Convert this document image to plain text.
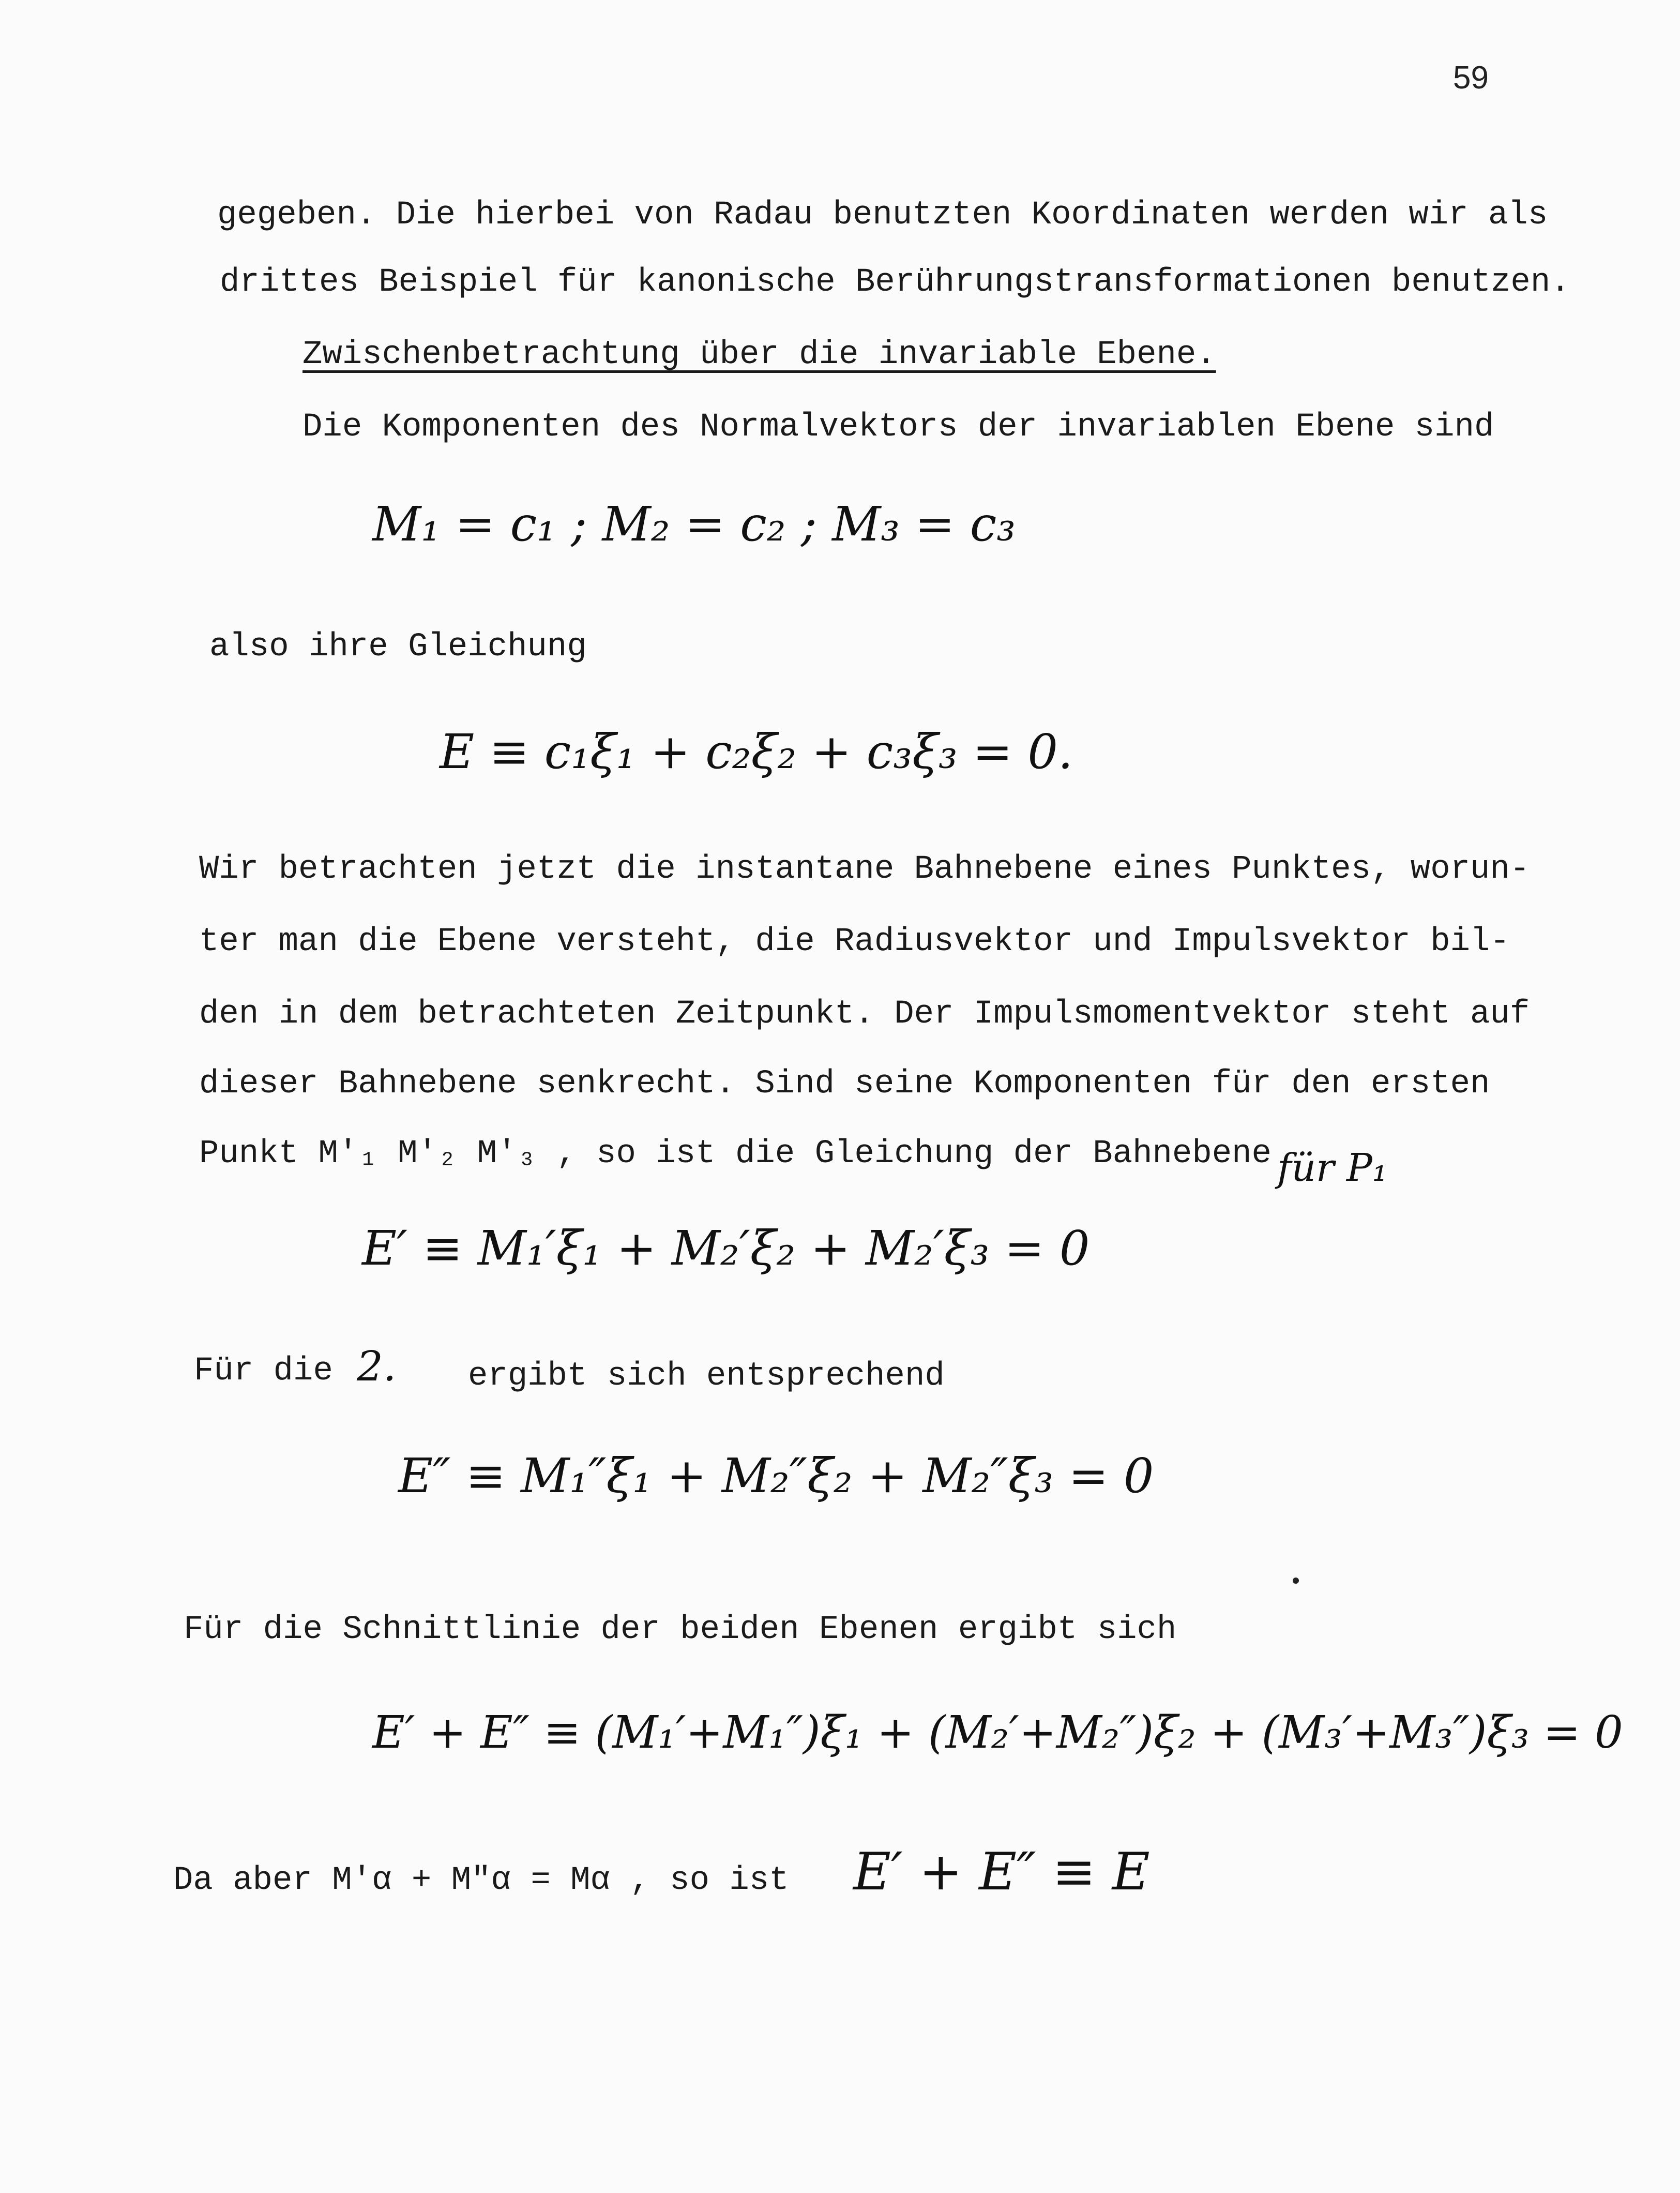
59
gegeben. Die hierbei von Radau benutzten Koordinaten werden wir als
drittes Beispiel für kanonische Berührungstransformationen benutzen.
Zwischenbetrachtung über die invariable Ebene.
Die Komponenten des Normalvektors der invariablen Ebene sind
M₁ = c₁ ; M₂ = c₂ ; M₃ = c₃
also ihre Gleichung
E ≡ c₁ξ₁ + c₂ξ₂ + c₃ξ₃ = 0.
Wir betrachten jetzt die instantane Bahnebene eines Punktes, worun-
ter man die Ebene versteht, die Radiusvektor und Impulsvektor bil-
den in dem betrachteten Zeitpunkt. Der Impulsmomentvektor steht auf
dieser Bahnebene senkrecht. Sind seine Komponenten für den ersten
Punkt M′₁ M′₂ M′₃ , so ist die Gleichung der Bahnebene für P₁
E′ ≡ M₁′ξ₁ + M₂′ξ₂ + M₂′ξ₃ = 0
Für die 2. ergibt sich entsprechend
E″ ≡ M₁″ξ₁ + M₂″ξ₂ + M₂″ξ₃ = 0
Für die Schnittlinie der beiden Ebenen ergibt sich
E′ + E″ ≡ (M₁′+M₁″)ξ₁ + (M₂′+M₂″)ξ₂ + (M₃′+M₃″)ξ₃ = 0
Da aber M′α + M″α = Mα , so ist E′ + E″ ≡ E
